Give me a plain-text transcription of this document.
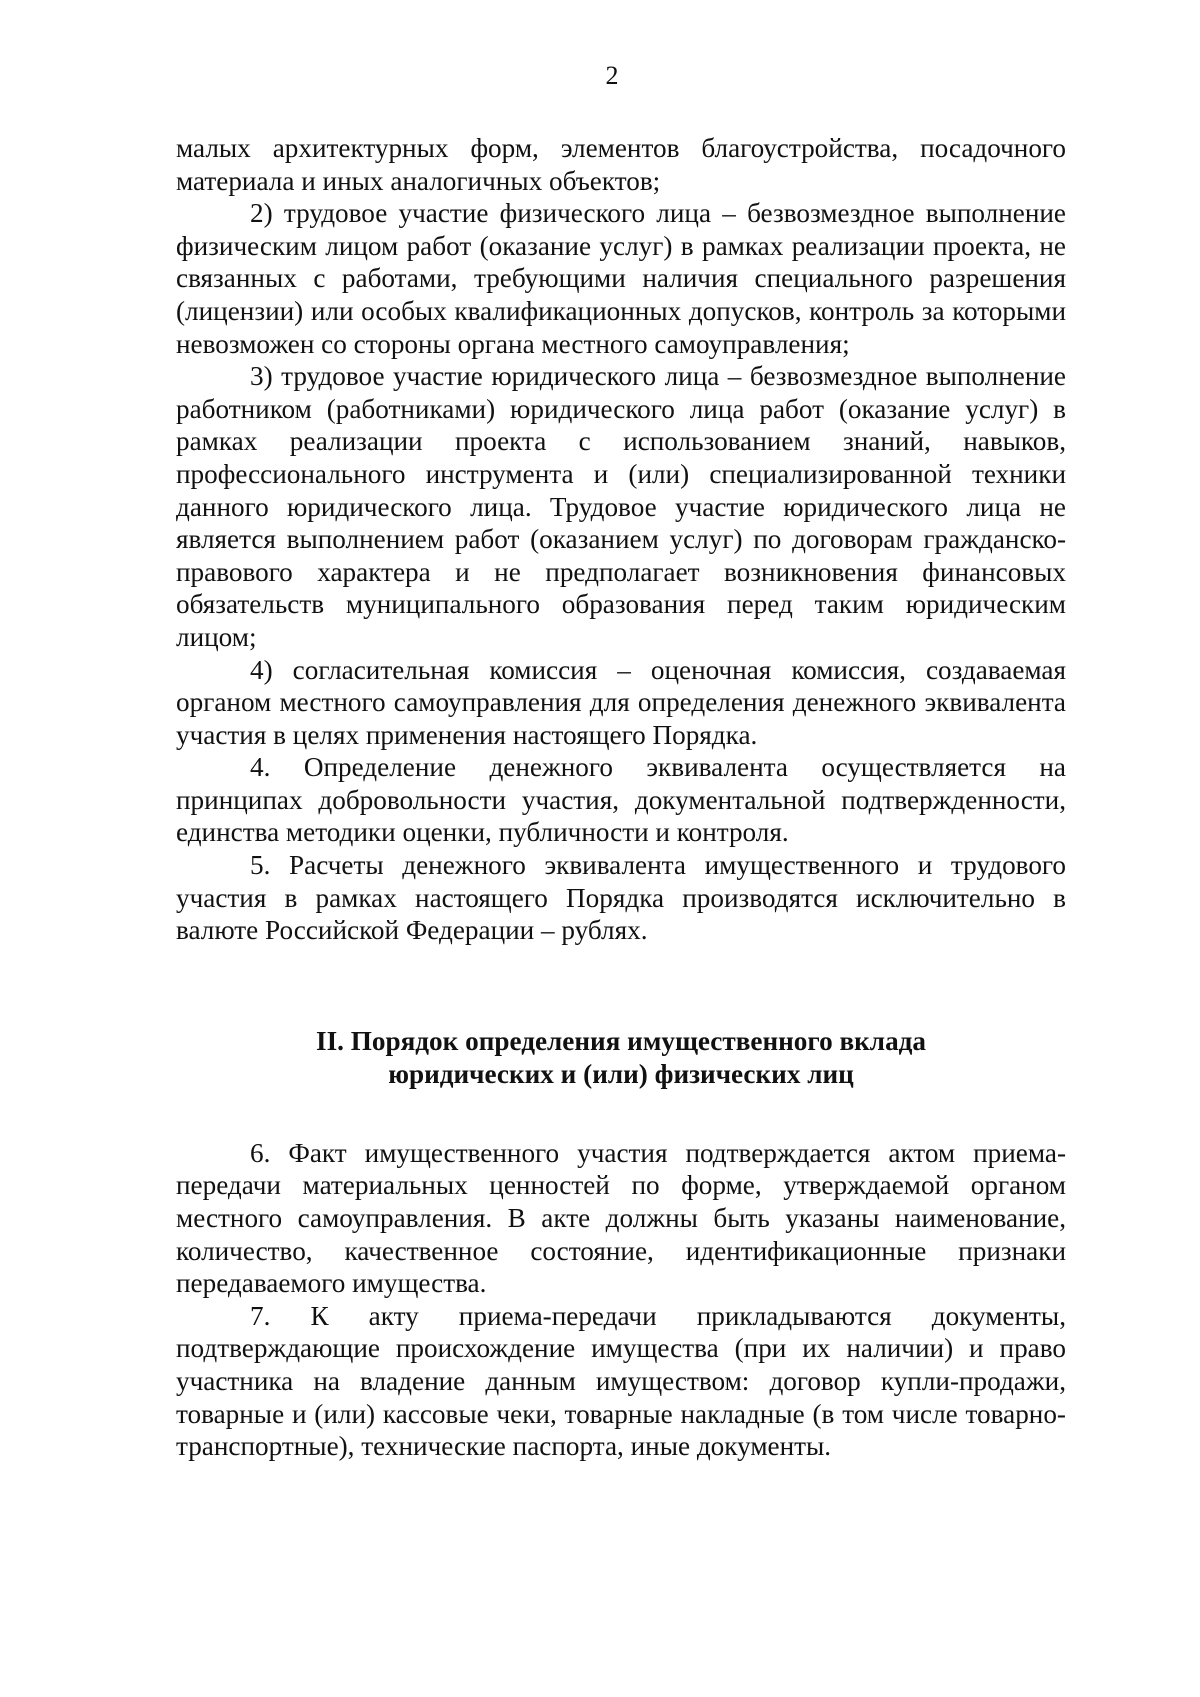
2

малых архитектурных форм, элементов благоустройства, посадочного материала и иных аналогичных объектов;

2) трудовое участие физического лица – безвозмездное выполнение физическим лицом работ (оказание услуг) в рамках реализации проекта, не связанных с работами, требующими наличия специального разрешения (лицензии) или особых квалификационных допусков, контроль за которыми невозможен со стороны органа местного самоуправления;

3) трудовое участие юридического лица – безвозмездное выполнение работником (работниками) юридического лица работ (оказание услуг) в рамках реализации проекта с использованием знаний, навыков, профессионального инструмента и (или) специализированной техники данного юридического лица. Трудовое участие юридического лица не является выполнением работ (оказанием услуг) по договорам гражданско-правового характера и не предполагает возникновения финансовых обязательств муниципального образования перед таким юридическим лицом;

4) согласительная комиссия – оценочная комиссия, создаваемая органом местного самоуправления для определения денежного эквивалента участия в целях применения настоящего Порядка.

4. Определение денежного эквивалента осуществляется на принципах добровольности участия, документальной подтвержденности, единства методики оценки, публичности и контроля.

5. Расчеты денежного эквивалента имущественного и трудового участия в рамках настоящего Порядка производятся исключительно в валюте Российской Федерации – рублях.

II. Порядок определения имущественного вклада
юридических и (или) физических лиц

6. Факт имущественного участия подтверждается актом приема-передачи материальных ценностей по форме, утверждаемой органом местного самоуправления. В акте должны быть указаны наименование, количество, качественное состояние, идентификационные признаки передаваемого имущества.

7. К акту приема-передачи прикладываются документы, подтверждающие происхождение имущества (при их наличии) и право участника на владение данным имуществом: договор купли-продажи, товарные и (или) кассовые чеки, товарные накладные (в том числе товарно-транспортные), технические паспорта, иные документы.
